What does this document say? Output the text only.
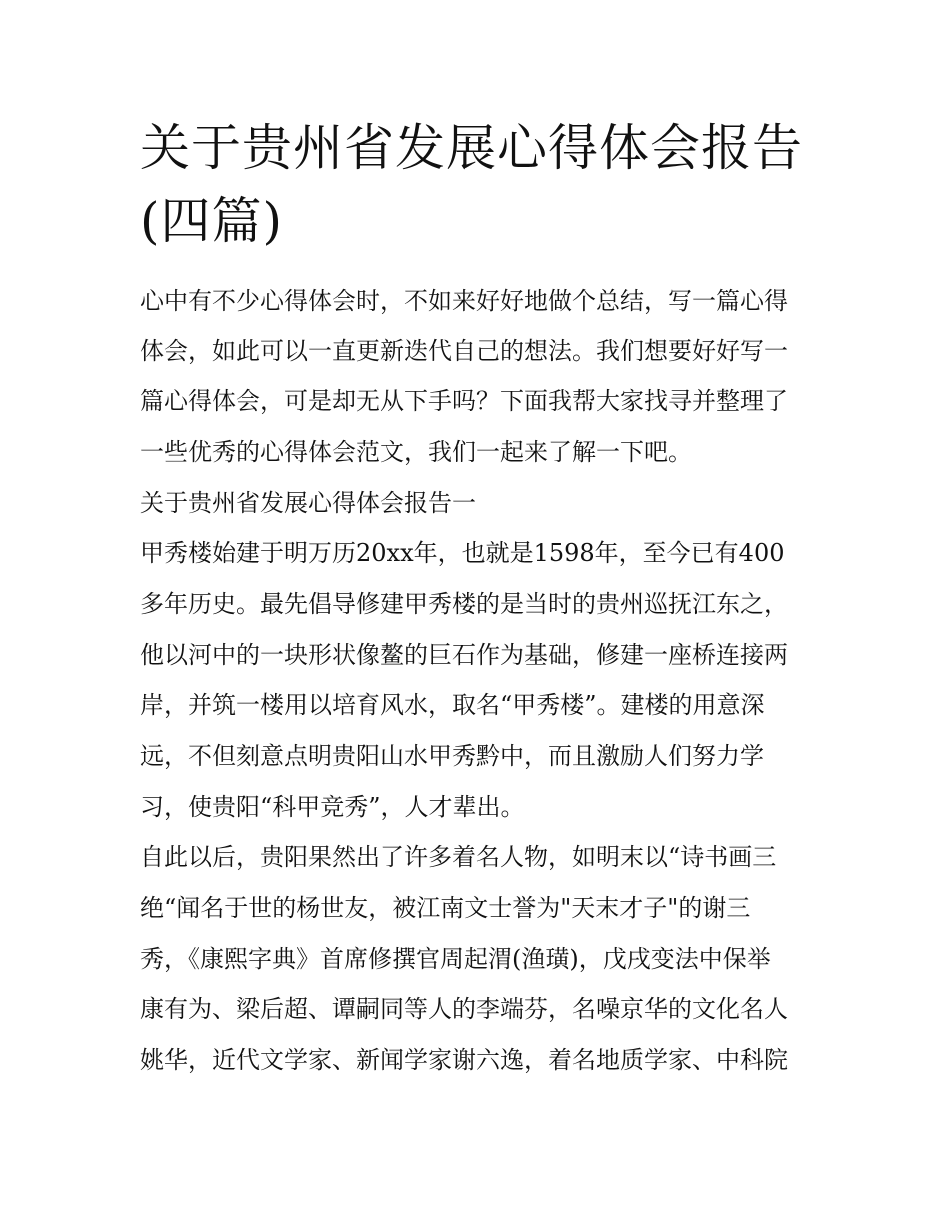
关于贵州省发展心得体会报告
(四篇)

心中有不少心得体会时，不如来好好地做个总结，写一篇心得

体会，如此可以一直更新迭代自己的想法。我们想要好好写一

篇心得体会，可是却无从下手吗？下面我帮大家找寻并整理了

一些优秀的心得体会范文，我们一起来了解一下吧。

关于贵州省发展心得体会报告一

甲秀楼始建于明万历20xx年，也就是1598年，至今已有400

多年历史。最先倡导修建甲秀楼的是当时的贵州巡抚江东之，

他以河中的一块形状像鳌的巨石作为基础，修建一座桥连接两

岸，并筑一楼用以培育风水，取名“甲秀楼”。建楼的用意深

远，不但刻意点明贵阳山水甲秀黔中，而且激励人们努力学

习，使贵阳“科甲竞秀”，人才辈出。

自此以后，贵阳果然出了许多着名人物，如明末以“诗书画三

绝“闻名于世的杨世友，被江南文士誉为"天末才子"的谢三

秀，《康熙字典》首席修撰官周起渭(渔璜)，戊戌变法中保举

康有为、梁后超、谭嗣同等人的李端芬，名噪京华的文化名人

姚华，近代文学家、新闻学家谢六逸，着名地质学家、中科院
